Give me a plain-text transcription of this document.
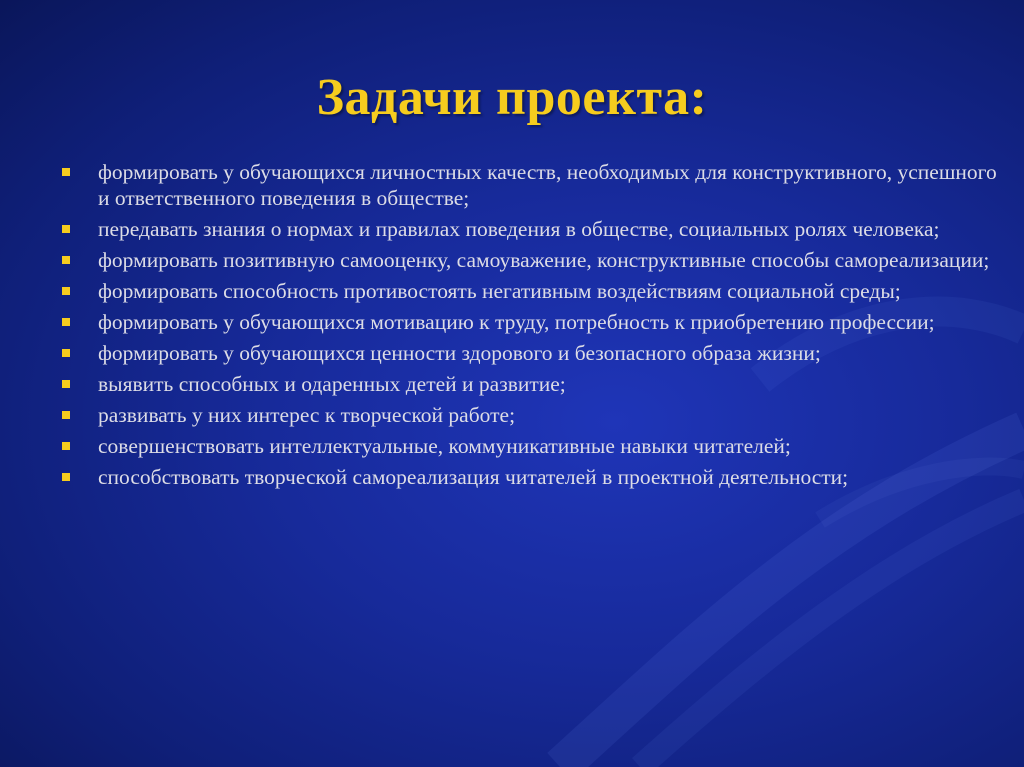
Задачи проекта:
формировать у обучающихся личностных качеств, необходимых для конструктивного, успешного и ответственного поведения в обществе;
передавать знания о нормах и правилах поведения в обществе, социальных ролях человека;
формировать позитивную самооценку, самоуважение, конструктивные способы самореализации;
формировать способность противостоять негативным воздействиям социальной среды;
формировать у обучающихся мотивацию к труду, потребность к приобретению профессии;
формировать у обучающихся ценности здорового и безопасного образа жизни;
выявить способных и одаренных детей и развитие;
развивать у них интерес к творческой работе;
совершенствовать интеллектуальные, коммуникативные навыки читателей;
способствовать творческой самореализация читателей в проектной деятельности;
